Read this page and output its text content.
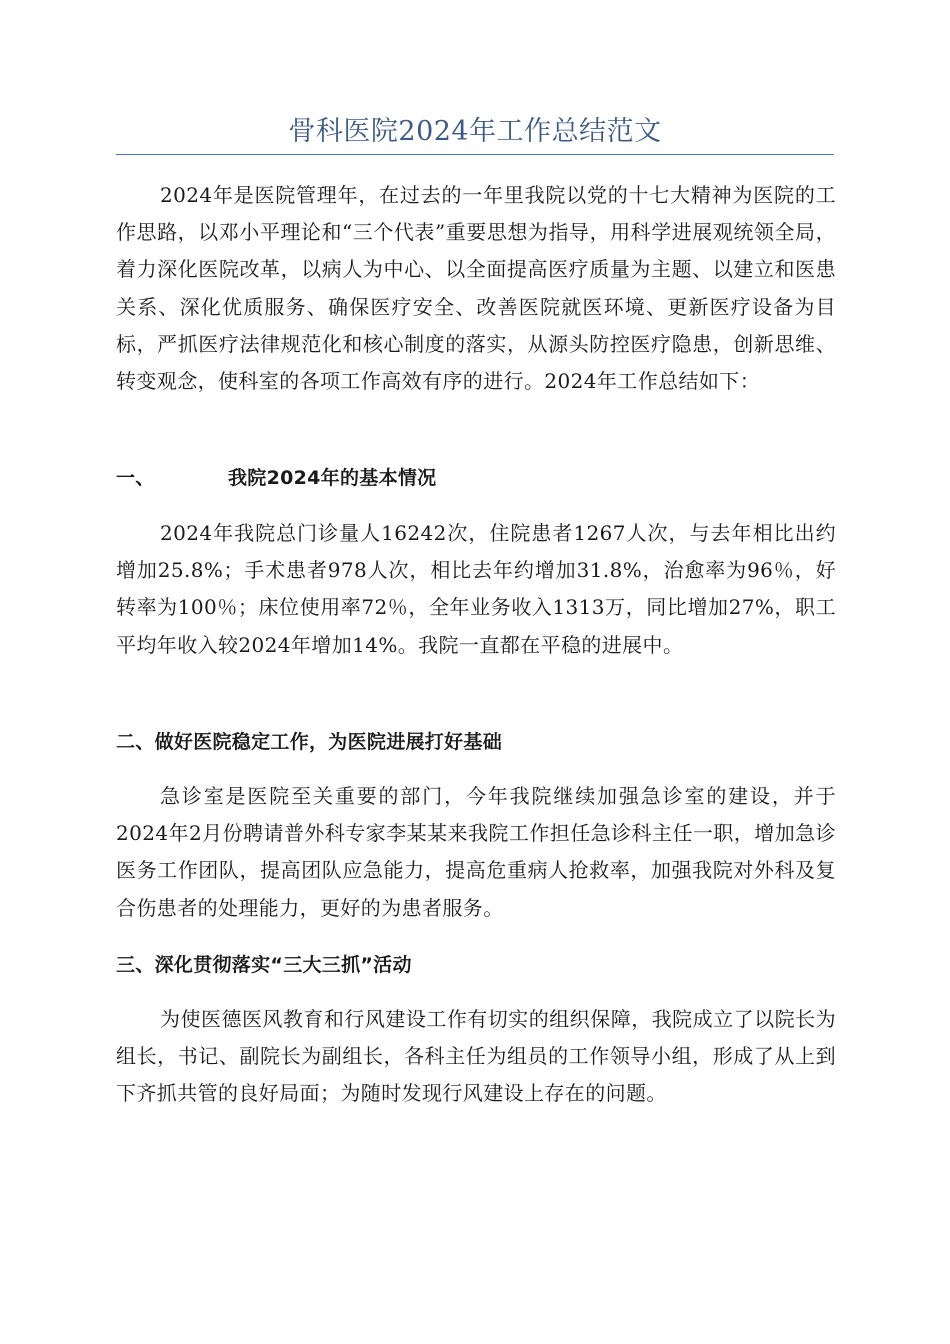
骨科医院2024年工作总结范文

2024年是医院管理年，在过去的一年里我院以党的十七大精神为医院的工作思路，以邓小平理论和“三个代表”重要思想为指导，用科学进展观统领全局，着力深化医院改革，以病人为中心、以全面提高医疗质量为主题、以建立和医患关系、深化优质服务、确保医疗安全、改善医院就医环境、更新医疗设备为目标，严抓医疗法律规范化和核心制度的落实，从源头防控医疗隐患，创新思维、转变观念，使科室的各项工作高效有序的进行。2024年工作总结如下：

一、	我院2024年的基本情况

2024年我院总门诊量人16242次，住院患者1267人次，与去年相比出约增加25.8%；手术患者978人次，相比去年约增加31.8%，治愈率为96％，好转率为100％；床位使用率72％，全年业务收入1313万，同比增加27%，职工平均年收入较2024年增加14%。我院一直都在平稳的进展中。

二、做好医院稳定工作，为医院进展打好基础

急诊室是医院至关重要的部门，今年我院继续加强急诊室的建设，并于2024年2月份聘请普外科专家李某某来我院工作担任急诊科主任一职，增加急诊医务工作团队，提高团队应急能力，提高危重病人抢救率，加强我院对外科及复合伤患者的处理能力，更好的为患者服务。

三、深化贯彻落实“三大三抓”活动

为使医德医风教育和行风建设工作有切实的组织保障，我院成立了以院长为组长，书记、副院长为副组长，各科主任为组员的工作领导小组，形成了从上到下齐抓共管的良好局面；为随时发现行风建设上存在的问题。
